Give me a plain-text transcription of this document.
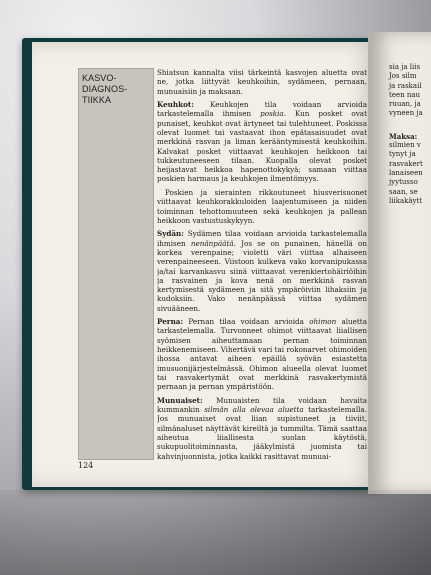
KASVO-
DIAGNOS-
TIIKKA

Shiatsun kannalta viisi tärkeintä kasvojen aluetta ovat ne, jotka liittyvät keuhkoihin, sydämeen, pernaan, munuaisiin ja maksaan.

Keuhkot: Keuhkojen tila voidaan arvioida tarkastelemalla ihmisen poskia. Kun posket ovat punaiset, keuhkot ovat ärtyneet tai tulehtuneet. Poskissa olevat luomet tai vastaavat ihon epätasaisuudet ovat merkkinä rasvan ja liman kerääntymisestä keuhkoihin. Kalvakat posket viittaavat keuhkojen heikkoon tai tukkeutuneeseen tilaan. Kuopalla olevat posket heijastavat heikkoa hapenottokykyä; samaan viittaa poskien harmaus ja keuhkojen ilmentömyys.

Poskien ja sierainten rikkoutuneet hiusverisuonet viittaavat keuhkorakkuloiden laajentumiseen ja niiden toiminnan tehottomuuteen sekä keuhkojen ja pallean heikkoon vastustuskykyyn.

Sydän: Sydämen tilaa voidaan arvioida tarkastelemalla ihmisen nenänpäätä. Jos se on punainen, hänellä on korkea verenpaine; violetti väri viittaa alhaiseen verenpaineeseen. Viistoon kulkeva vako korvanipukassa ja/tai karvankasvu siinä viittaavat verenkiertohäiriöihin ja rasvainen ja kova nenä on merkkinä rasvan kertymisestä sydämeen ja sitä ympäröiviin lihaksiin ja kudoksiin. Vako nenänpäässä viittaa sydämen sivuääneen.

Perna: Pernan tilaa voidaan arvioida ohimon aluetta tarkastelemalla. Turvonneet ohimot viittaavat liiallisen syömisen aiheuttamaan pernan toiminnan heikkenemiseen. Vihertävä vari tai rokonarvet ohimoiden ihossa antavat aiheen epäillä syövän esiastetta imusuonijärjestelmässä. Ohimon alueella olevat luomet tai rasvakertymät ovat merkkinä rasvakertymistä pernaan ja pernan ympäristöön.

Munuaiset: Munuaisten tila voidaan havaita kummankin silmän alla olevaa aluetta tarkastelemalla. Jos munuaiset ovat liian supistuneet ja tiiviit, silmänaluset näyttävät kireiltä ja tummilta. Tämä saattaa aiheutua liiallisesta suolan käytöstä, sukupuolitoiminnasta, jääkylmistä juomista tai kahvinjuonnista, jotka kaikki rasittavat munuai-

124
sia ja liis
Jos silm
ja raskail
teen nau
ruuan, ja
vyneen ja
Maksa:
silmien v
tynyt ja
rasvakert
lanaiseen
jyytusso
saan, se
liikakäytt
